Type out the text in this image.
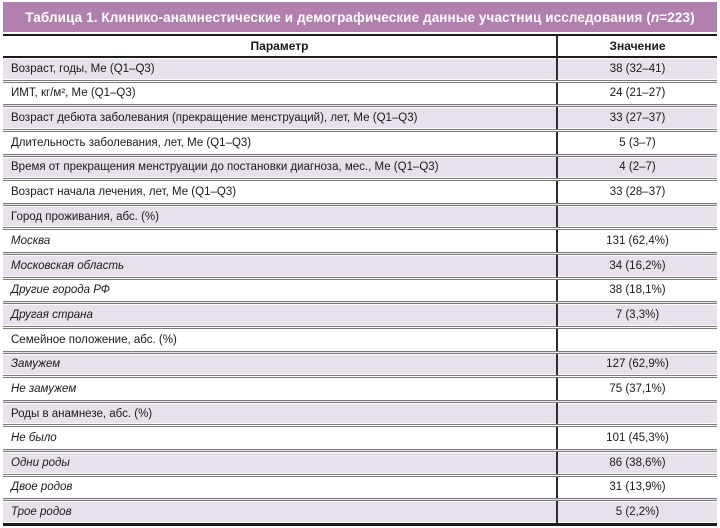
Таблица 1. Клинико-анамнестические и демографические данные участниц исследования (n=223)
Параметр	Значение
Возраст, годы, Ме (Q1–Q3)	38 (32–41)
ИМТ, кг/м², Ме (Q1–Q3)	24 (21–27)
Возраст дебюта заболевания (прекращение менструаций), лет, Ме (Q1–Q3)	33 (27–37)
Длительность заболевания, лет, Ме (Q1–Q3)	5 (3–7)
Время от прекращения менструации до постановки диагноза, мес., Ме (Q1–Q3)	4 (2–7)
Возраст начала лечения, лет, Ме (Q1–Q3)	33 (28–37)
Город проживания, абс. (%)
Москва	131 (62,4%)
Московская область	34 (16,2%)
Другие города РФ	38 (18,1%)
Другая страна	7 (3,3%)
Семейное положение, абс. (%)
Замужем	127 (62,9%)
Не замужем	75 (37,1%)
Роды в анамнезе, абс. (%)
Не было	101 (45,3%)
Одни роды	86 (38,6%)
Двое родов	31 (13,9%)
Трое родов	5 (2,2%)
